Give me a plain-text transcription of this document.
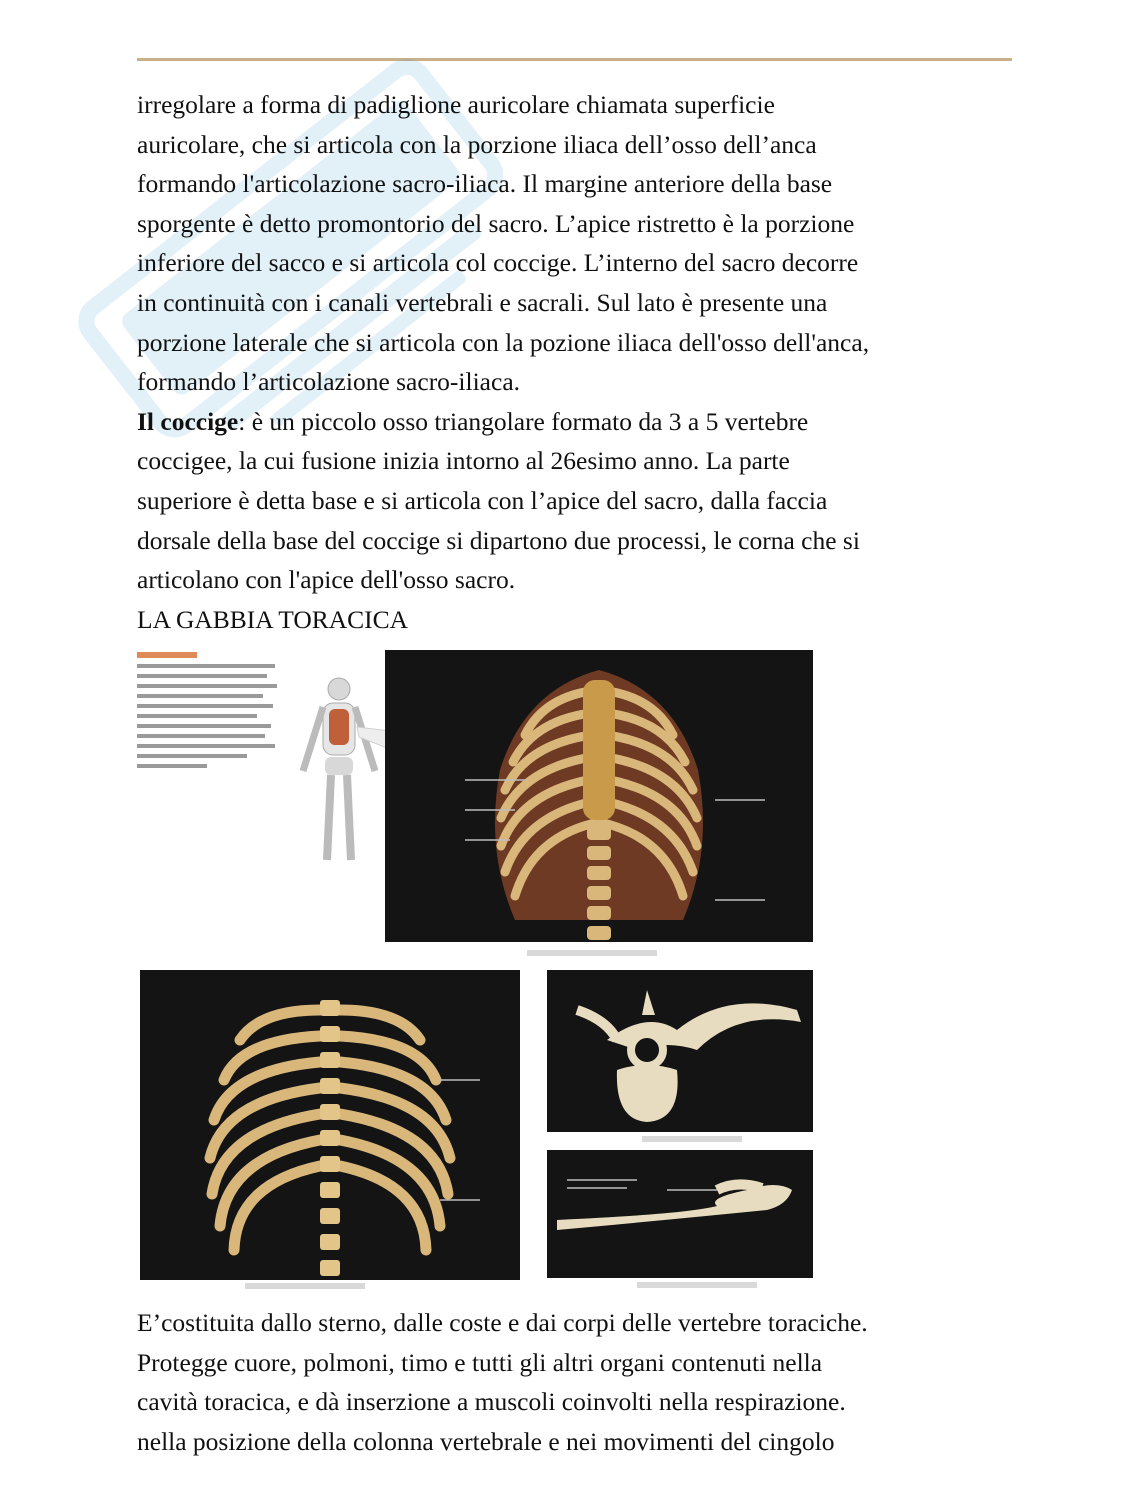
irregolare a forma di padiglione auricolare chiamata superficie

auricolare, che si articola con la porzione iliaca dell’osso dell’anca

formando l'articolazione sacro-iliaca. Il margine anteriore della base

sporgente è detto promontorio del sacro. L’apice ristretto è la porzione

inferiore del sacco e si articola col coccige. L’interno del sacro decorre

in continuità con i canali vertebrali e sacrali. Sul lato è presente una

porzione laterale che si articola con la pozione iliaca dell'osso dell'anca,

formando l’articolazione sacro-iliaca.

Il coccige: è un piccolo osso triangolare formato da 3 a 5 vertebre

coccigee, la cui fusione inizia intorno al 26esimo anno. La parte

superiore è detta base e si articola con l’apice del sacro, dalla faccia

dorsale della base del coccige si dipartono due processi, le corna che si

articolano con l'apice dell'osso sacro.

LA GABBIA TORACICA

E’costituita dallo sterno, dalle coste e dai corpi delle vertebre toraciche.

Protegge cuore, polmoni, timo e tutti gli altri organi contenuti nella

cavità toracica, e dà inserzione a muscoli coinvolti nella respirazione.

nella posizione della colonna vertebrale e nei movimenti del cingolo
